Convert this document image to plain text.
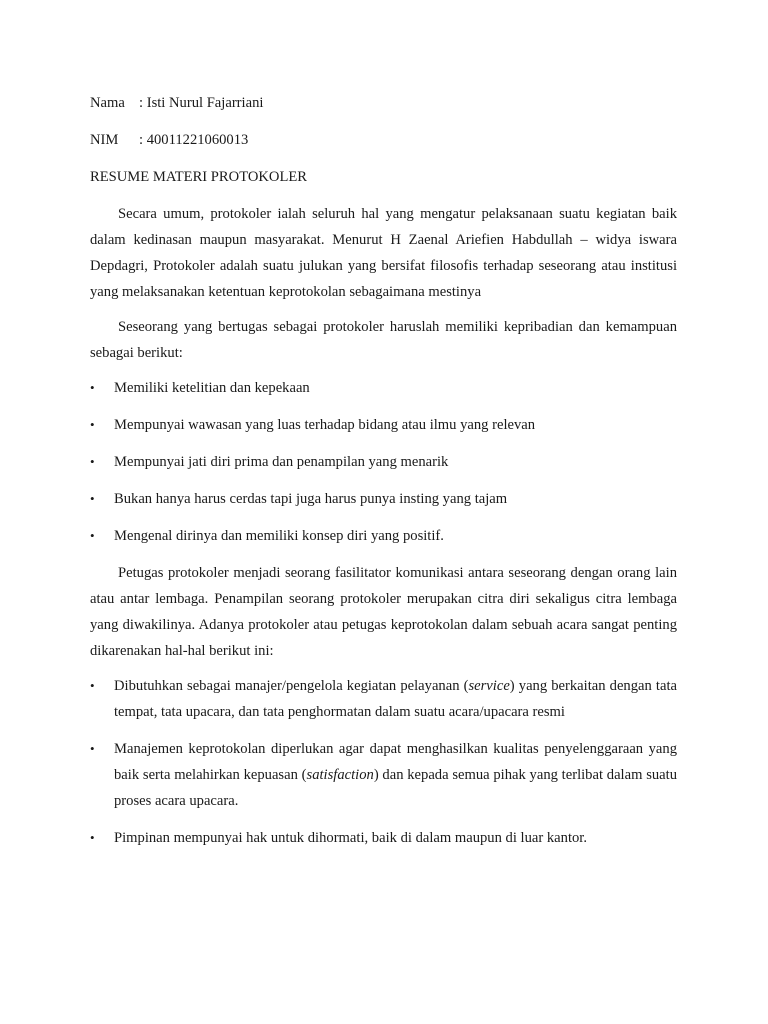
Nama : Isti Nurul Fajarriani
NIM : 40011221060013
RESUME MATERI PROTOKOLER

Secara umum, protokoler ialah seluruh hal yang mengatur pelaksanaan suatu kegiatan baik dalam kedinasan maupun masyarakat. Menurut H Zaenal Ariefien Habdullah – widya iswara Depdagri, Protokoler adalah suatu julukan yang bersifat filosofis terhadap seseorang atau institusi yang melaksanakan ketentuan keprotokolan sebagaimana mestinya

Seseorang yang bertugas sebagai protokoler haruslah memiliki kepribadian dan kemampuan sebagai berikut:

• Memiliki ketelitian dan kepekaan
• Mempunyai wawasan yang luas terhadap bidang atau ilmu yang relevan
• Mempunyai jati diri prima dan penampilan yang menarik
• Bukan hanya harus cerdas tapi juga harus punya insting yang tajam
• Mengenal dirinya dan memiliki konsep diri yang positif.

Petugas protokoler menjadi seorang fasilitator komunikasi antara seseorang dengan orang lain atau antar lembaga. Penampilan seorang protokoler merupakan citra diri sekaligus citra lembaga yang diwakilinya. Adanya protokoler atau petugas keprotokolan dalam sebuah acara sangat penting dikarenakan hal-hal berikut ini:

• Dibutuhkan sebagai manajer/pengelola kegiatan pelayanan (service) yang berkaitan dengan tata tempat, tata upacara, dan tata penghormatan dalam suatu acara/upacara resmi
• Manajemen keprotokolan diperlukan agar dapat menghasilkan kualitas penyelenggaraan yang baik serta melahirkan kepuasan (satisfaction) dan kepada semua pihak yang terlibat dalam suatu proses acara upacara.
• Pimpinan mempunyai hak untuk dihormati, baik di dalam maupun di luar kantor.
